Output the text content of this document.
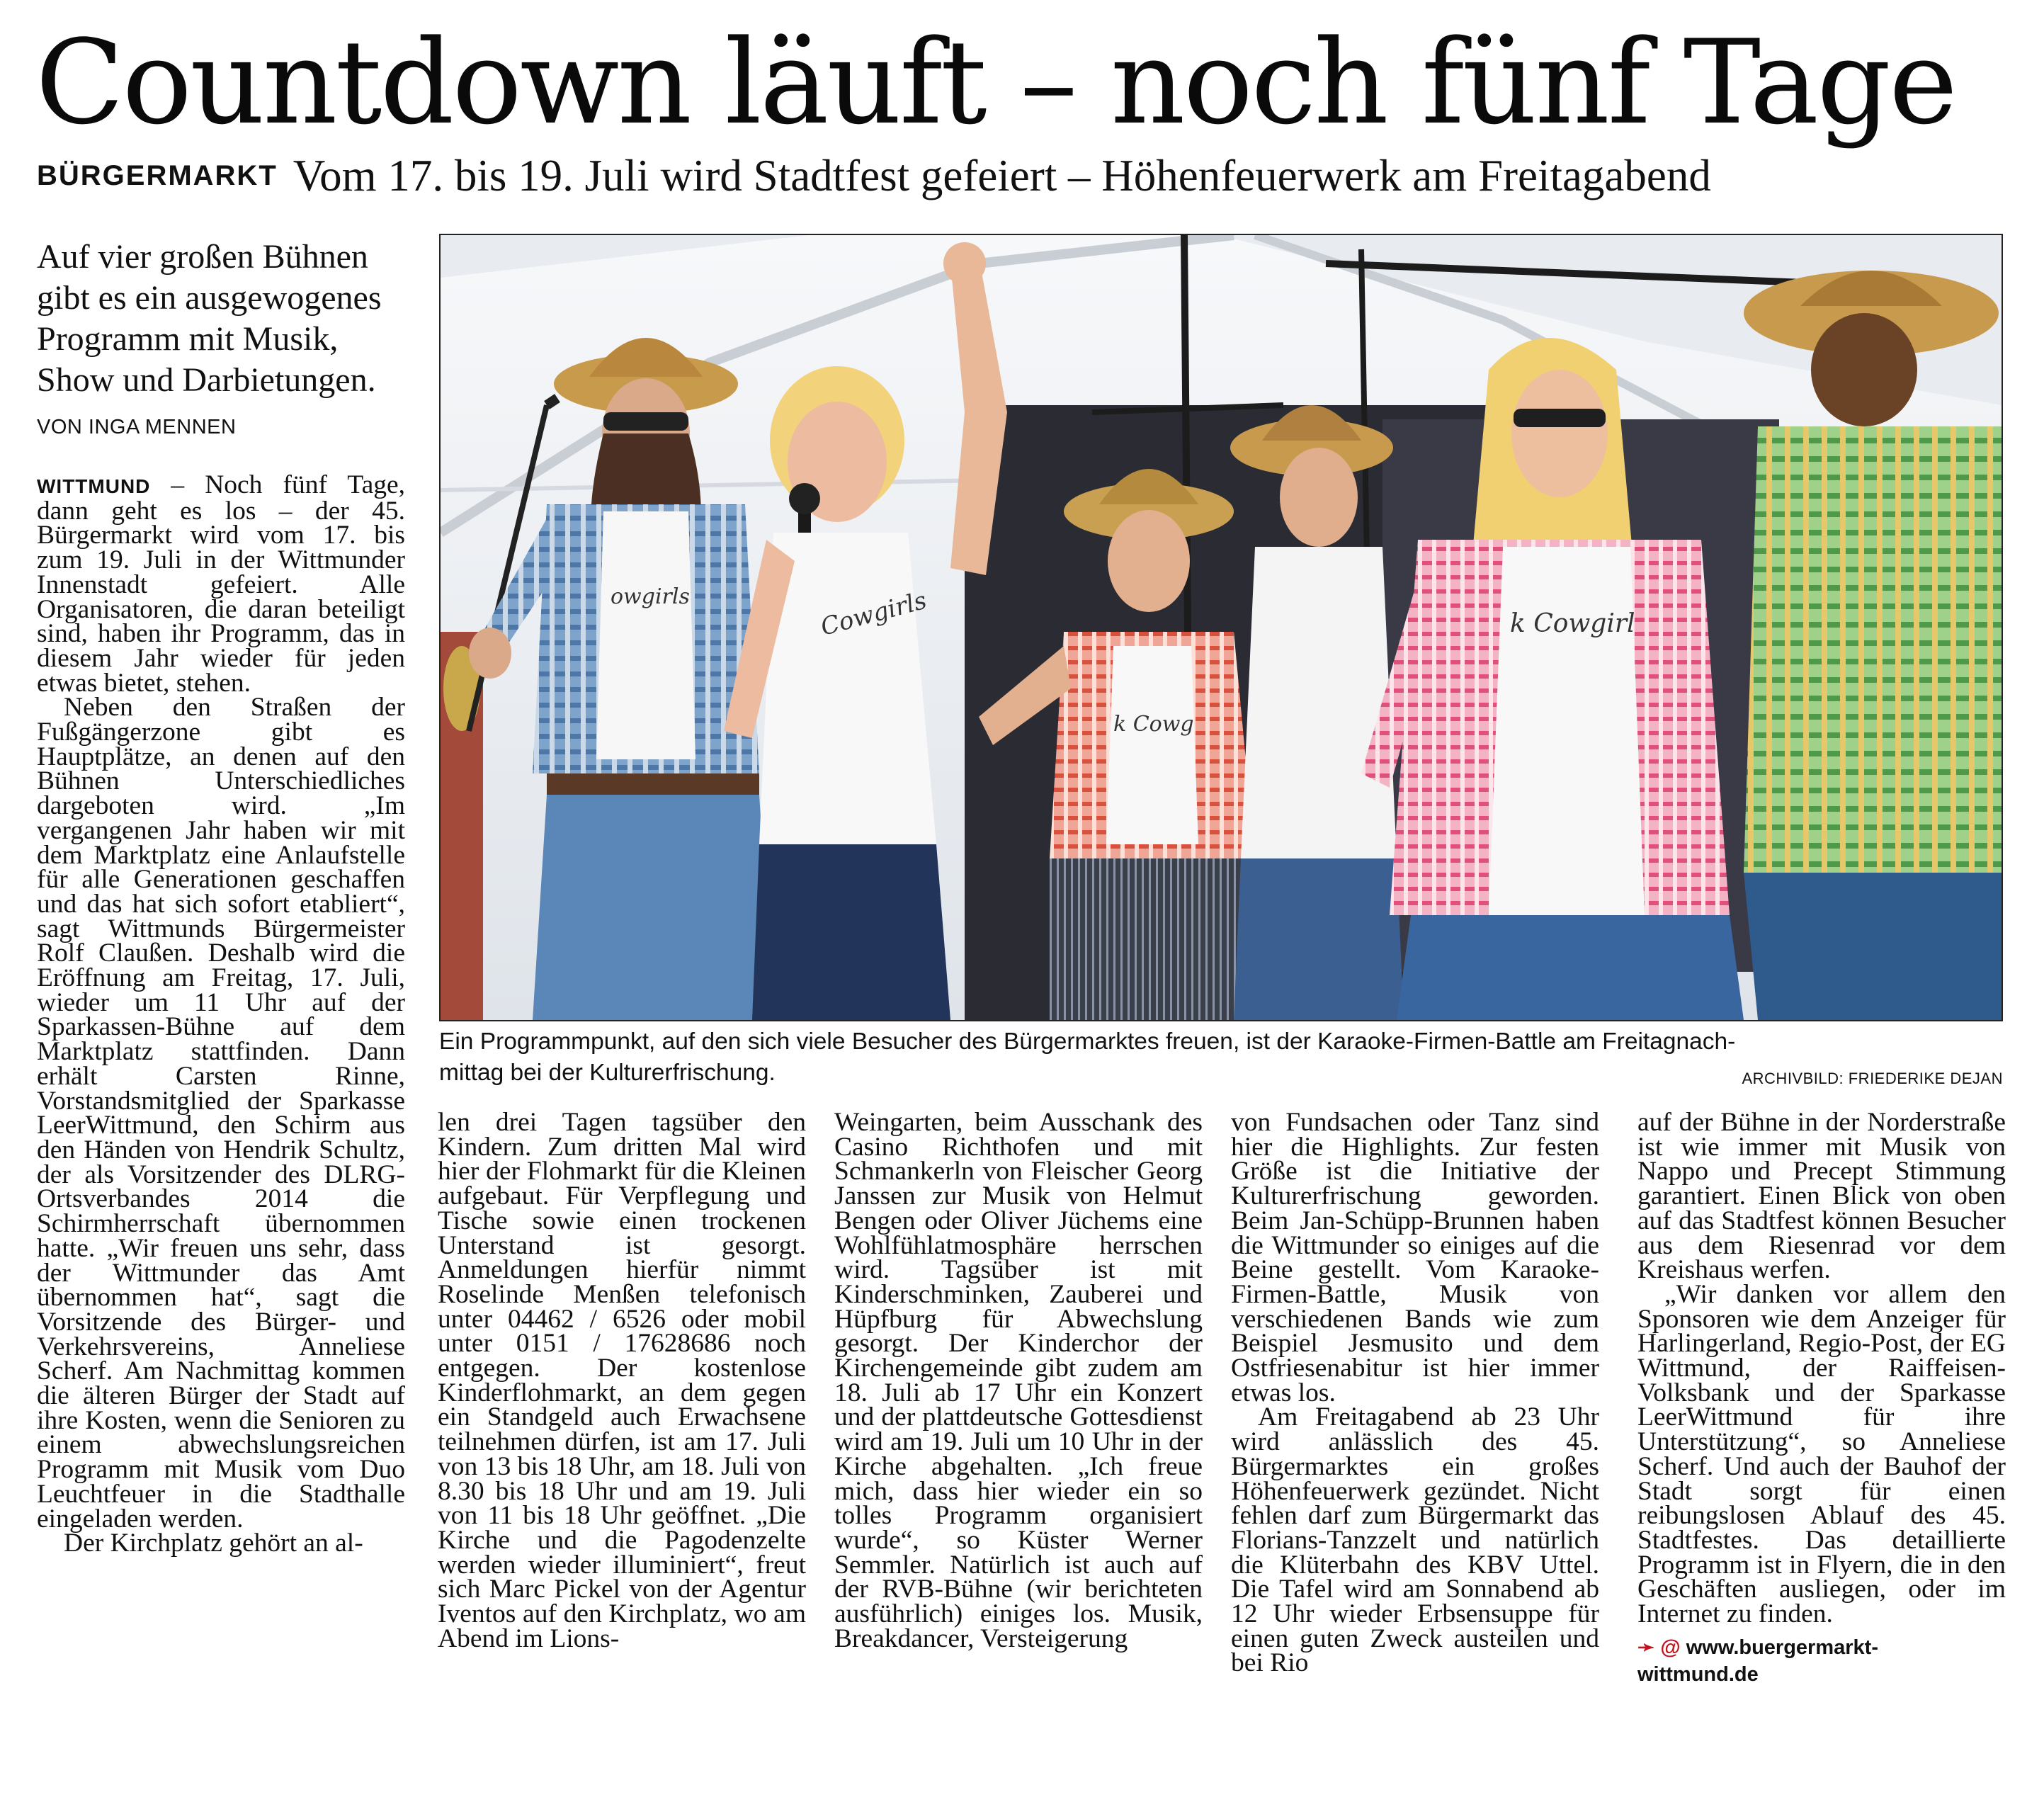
Countdown läuft – noch fünf Tage
BÜRGERMARKT Vom 17. bis 19. Juli wird Stadtfest gefeiert – Höhenfeuerwerk am Freitagabend
Auf vier großen Bühnen gibt es ein ausgewogenes Programm mit Musik, Show und Darbietungen.
VON INGA MENNEN
owgirls	Cowgirls
k Cowg
k Cowgirl
Ein Programmpunkt, auf den sich viele Besucher des Bürgermarktes freuen, ist der Karaoke-Firmen-Battle am Freitagnach-
mittag bei der Kulturerfrischung.	ARCHIVBILD: FRIEDERIKE DEJAN

WITTMUND – Noch fünf Tage, dann geht es los – der 45. Bürgermarkt wird vom 17. bis zum 19. Juli in der Wittmunder Innenstadt gefeiert. Alle Organisatoren, die daran beteiligt sind, haben ihr Programm, das in diesem Jahr wieder für jeden etwas bietet, stehen.

Neben den Straßen der Fußgängerzone gibt es Hauptplätze, an denen auf den Bühnen Unterschiedliches dargeboten wird. „Im vergangenen Jahr haben wir mit dem Marktplatz eine Anlaufstelle für alle Generationen geschaffen und das hat sich sofort etabliert“, sagt Wittmunds Bürgermeister Rolf Claußen. Deshalb wird die Eröffnung am Freitag, 17. Juli, wieder um 11 Uhr auf der Sparkassen-Bühne auf dem Marktplatz stattfinden. Dann erhält Carsten Rinne, Vorstandsmitglied der Sparkasse LeerWittmund, den Schirm aus den Händen von Hendrik Schultz, der als Vorsitzender des DLRG-Ortsverbandes 2014 die Schirmherrschaft übernommen hatte. „Wir freuen uns sehr, dass der Wittmunder das Amt übernommen hat“, sagt die Vorsitzende des Bürger- und Verkehrsvereins, Anneliese Scherf. Am Nachmittag kommen die älteren Bürger der Stadt auf ihre Kosten, wenn die Senioren zu einem abwechslungsreichen Programm mit Musik vom Duo Leuchtfeuer in die Stadthalle eingeladen werden.

Der Kirchplatz gehört an al-

len drei Tagen tagsüber den Kindern. Zum dritten Mal wird hier der Flohmarkt für die Kleinen aufgebaut. Für Verpflegung und Tische sowie einen trockenen Unterstand ist gesorgt. Anmeldungen hierfür nimmt Roselinde Menßen telefonisch unter 04462 / 6526 oder mobil unter 0151 / 17628686 noch entgegen. Der kostenlose Kinderflohmarkt, an dem gegen ein Standgeld auch Erwachsene teilnehmen dürfen, ist am 17. Juli von 13 bis 18 Uhr, am 18. Juli von 8.30 bis 18 Uhr und am 19. Juli von 11 bis 18 Uhr geöffnet. „Die Kirche und die Pagodenzelte werden wieder illuminiert“, freut sich Marc Pickel von der Agentur Iventos auf den Kirchplatz, wo am Abend im Lions-

Weingarten, beim Ausschank des Casino Richthofen und mit Schmankerln von Fleischer Georg Janssen zur Musik von Helmut Bengen oder Oliver Jüchems eine Wohlfühlatmosphäre herrschen wird. Tagsüber ist mit Kinderschminken, Zauberei und Hüpfburg für Abwechslung gesorgt. Der Kinderchor der Kirchengemeinde gibt zudem am 18. Juli ab 17 Uhr ein Konzert und der plattdeutsche Gottesdienst wird am 19. Juli um 10 Uhr in der Kirche abgehalten. „Ich freue mich, dass hier wieder ein so tolles Programm organisiert wurde“, so Küster Werner Semmler. Natürlich ist auch auf der RVB-Bühne (wir berichteten ausführlich) einiges los. Musik, Breakdancer, Versteigerung

von Fundsachen oder Tanz sind hier die Highlights. Zur festen Größe ist die Initiative der Kulturerfrischung geworden. Beim Jan-Schüpp-Brunnen haben die Wittmunder so einiges auf die Beine gestellt. Vom Karaoke-Firmen-Battle, Musik von verschiedenen Bands wie zum Beispiel Jesmusito und dem Ostfriesenabitur ist hier immer etwas los.

Am Freitagabend ab 23 Uhr wird anlässlich des 45. Bürgermarktes ein großes Höhenfeuerwerk gezündet. Nicht fehlen darf zum Bürgermarkt das Florians-Tanzzelt und natürlich die Klüterbahn des KBV Uttel. Die Tafel wird am Sonnabend ab 12 Uhr wieder Erbsensuppe für einen guten Zweck austeilen und bei Rio

auf der Bühne in der Norderstraße ist wie immer mit Musik von Nappo und Precept Stimmung garantiert. Einen Blick von oben auf das Stadtfest können Besucher aus dem Riesenrad vor dem Kreishaus werfen.

„Wir danken vor allem den Sponsoren wie dem Anzeiger für Harlingerland, Regio-Post, der EG Wittmund, der Raiffeisen-Volksbank und der Sparkasse LeerWittmund für ihre Unterstützung“, so Anneliese Scherf. Und auch der Bauhof der Stadt sorgt für einen reibungslosen Ablauf des 45. Stadtfestes. Das detaillierte Programm ist in Flyern, die in den Geschäften ausliegen, oder im Internet zu finden.

➛ @ www.buergermarkt-
wittmund.de
